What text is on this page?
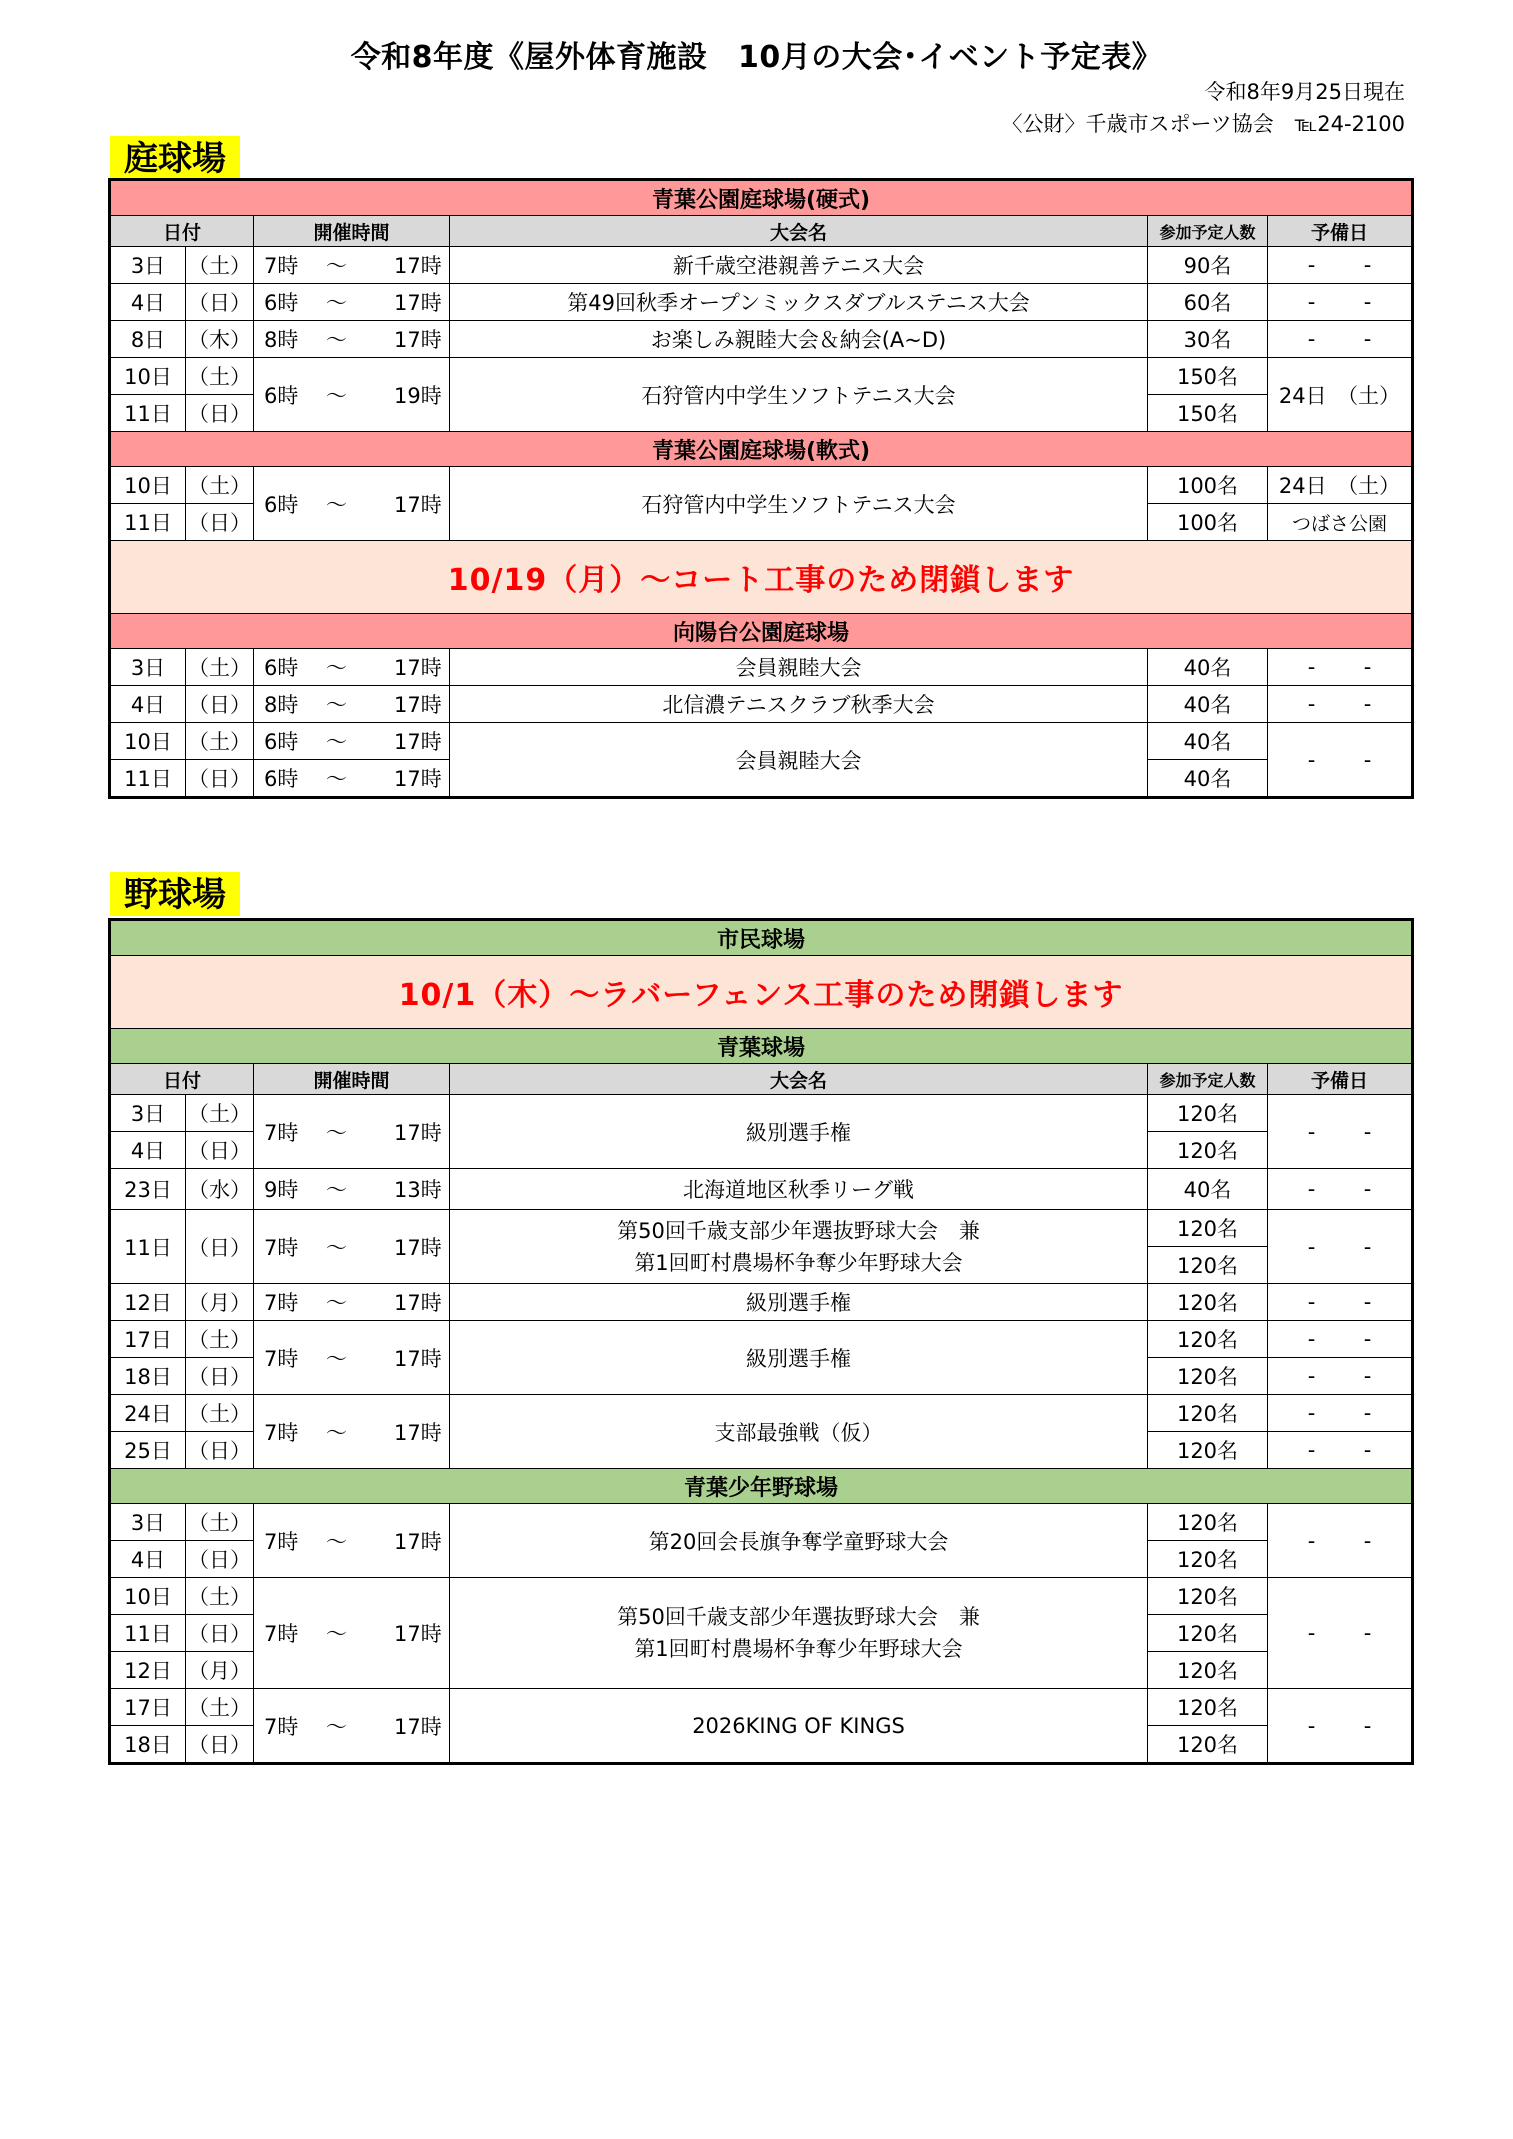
令和8年度《屋外体育施設　10月の大会･イベント予定表》
令和8年9月25日現在
〈公財〉千歳市スポーツ協会　℡24-2100
庭球場
青葉公園庭球場(硬式)					
日付		開催時間	大会名	参加予定人数	予備日
3日	（土）	7時 ～ 17時	新千歳空港親善テニス大会	90名	- -
4日	（日）	6時 ～ 17時	第49回秋季オープンミックスダブルステニス大会	60名	- -
8日	（木）	8時 ～ 17時	お楽しみ親睦大会＆納会(A~D)	30名	- -
10日	（土）	6時 ～ 19時	石狩管内中学生ソフトテニス大会	150名	24日　（土）
11日	（日）			150名	
青葉公園庭球場(軟式)					
10日	（土）	6時 ～ 17時	石狩管内中学生ソフトテニス大会	100名	24日　（土）
11日	（日）			100名	つばさ公園
10/19（月）～コート工事のため閉鎖します					
向陽台公園庭球場					
3日	（土）	6時 ～ 17時	会員親睦大会	40名	- -
4日	（日）	8時 ～ 17時	北信濃テニスクラブ秋季大会	40名	- -
10日	（土）	6時 ～ 17時	会員親睦大会	40名	- -
11日	（日）	6時 ～ 17時		40名	
野球場
市民球場					
10/1（木）～ラバーフェンス工事のため閉鎖します					
青葉球場					
日付		開催時間	大会名	参加予定人数	予備日
3日	（土）	7時 ～ 17時	級別選手権	120名	- -
4日	（日）			120名	
23日	（水）	9時 ～ 13時	北海道地区秋季リーグ戦	40名	- -
11日	（日）	7時 ～ 17時	第50回千歳支部少年選抜野球大会　兼
第1回町村農場杯争奪少年野球大会	120名	- -
				120名	
12日	（月）	7時 ～ 17時	級別選手権	120名	- -
17日	（土）	7時 ～ 17時	級別選手権	120名	- -
18日	（日）			120名	- -
24日	（土）	7時 ～ 17時	支部最強戦（仮）	120名	- -
25日	（日）			120名	- -
青葉少年野球場					
3日	（土）	7時 ～ 17時	第20回会長旗争奪学童野球大会	120名	- -
4日	（日）			120名	
10日	（土）	7時 ～ 17時	第50回千歳支部少年選抜野球大会　兼
第1回町村農場杯争奪少年野球大会	120名	- -
11日	（日）			120名	
12日	（月）			120名	
17日	（土）	7時 ～ 17時	2026KING OF KINGS	120名	- -
18日	（日）			120名	
